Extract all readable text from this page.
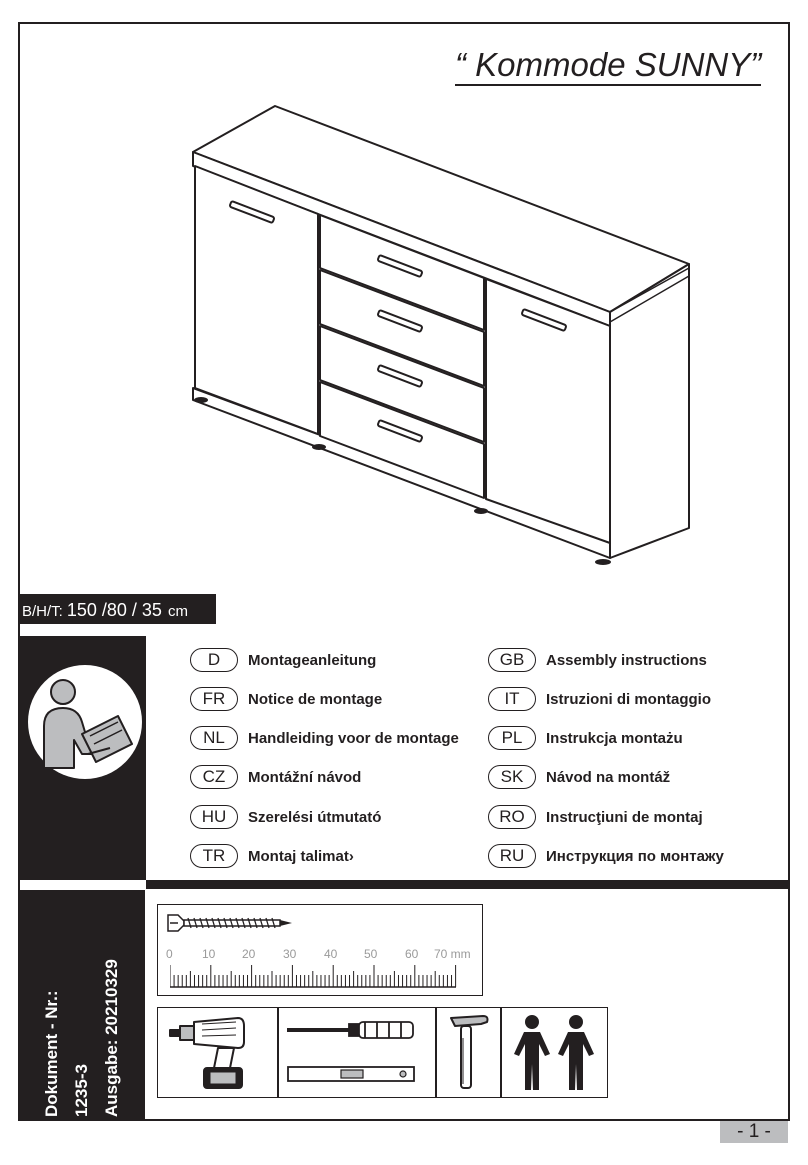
“ Kommode SUNNY”
B/H/T: 150 /80 / 35 cm
D	Montageanleitung
FR	Notice de montage
NL	Handleiding voor de montage
CZ	Montážní návod
HU	Szerelési útmutató
TR	Montaj talimat›
GB	Assembly instructions
IT	Istruzioni di montaggio
PL	Instrukcja montażu
SK	Návod na montáž
RO	Instrucţiuni de montaj
RU	Инструкция по монтажу
Dokument - Nr.: 1235-3 Ausgabe: 20210329
0 10 20 30 40 50 60 70 mm
- 1 -
